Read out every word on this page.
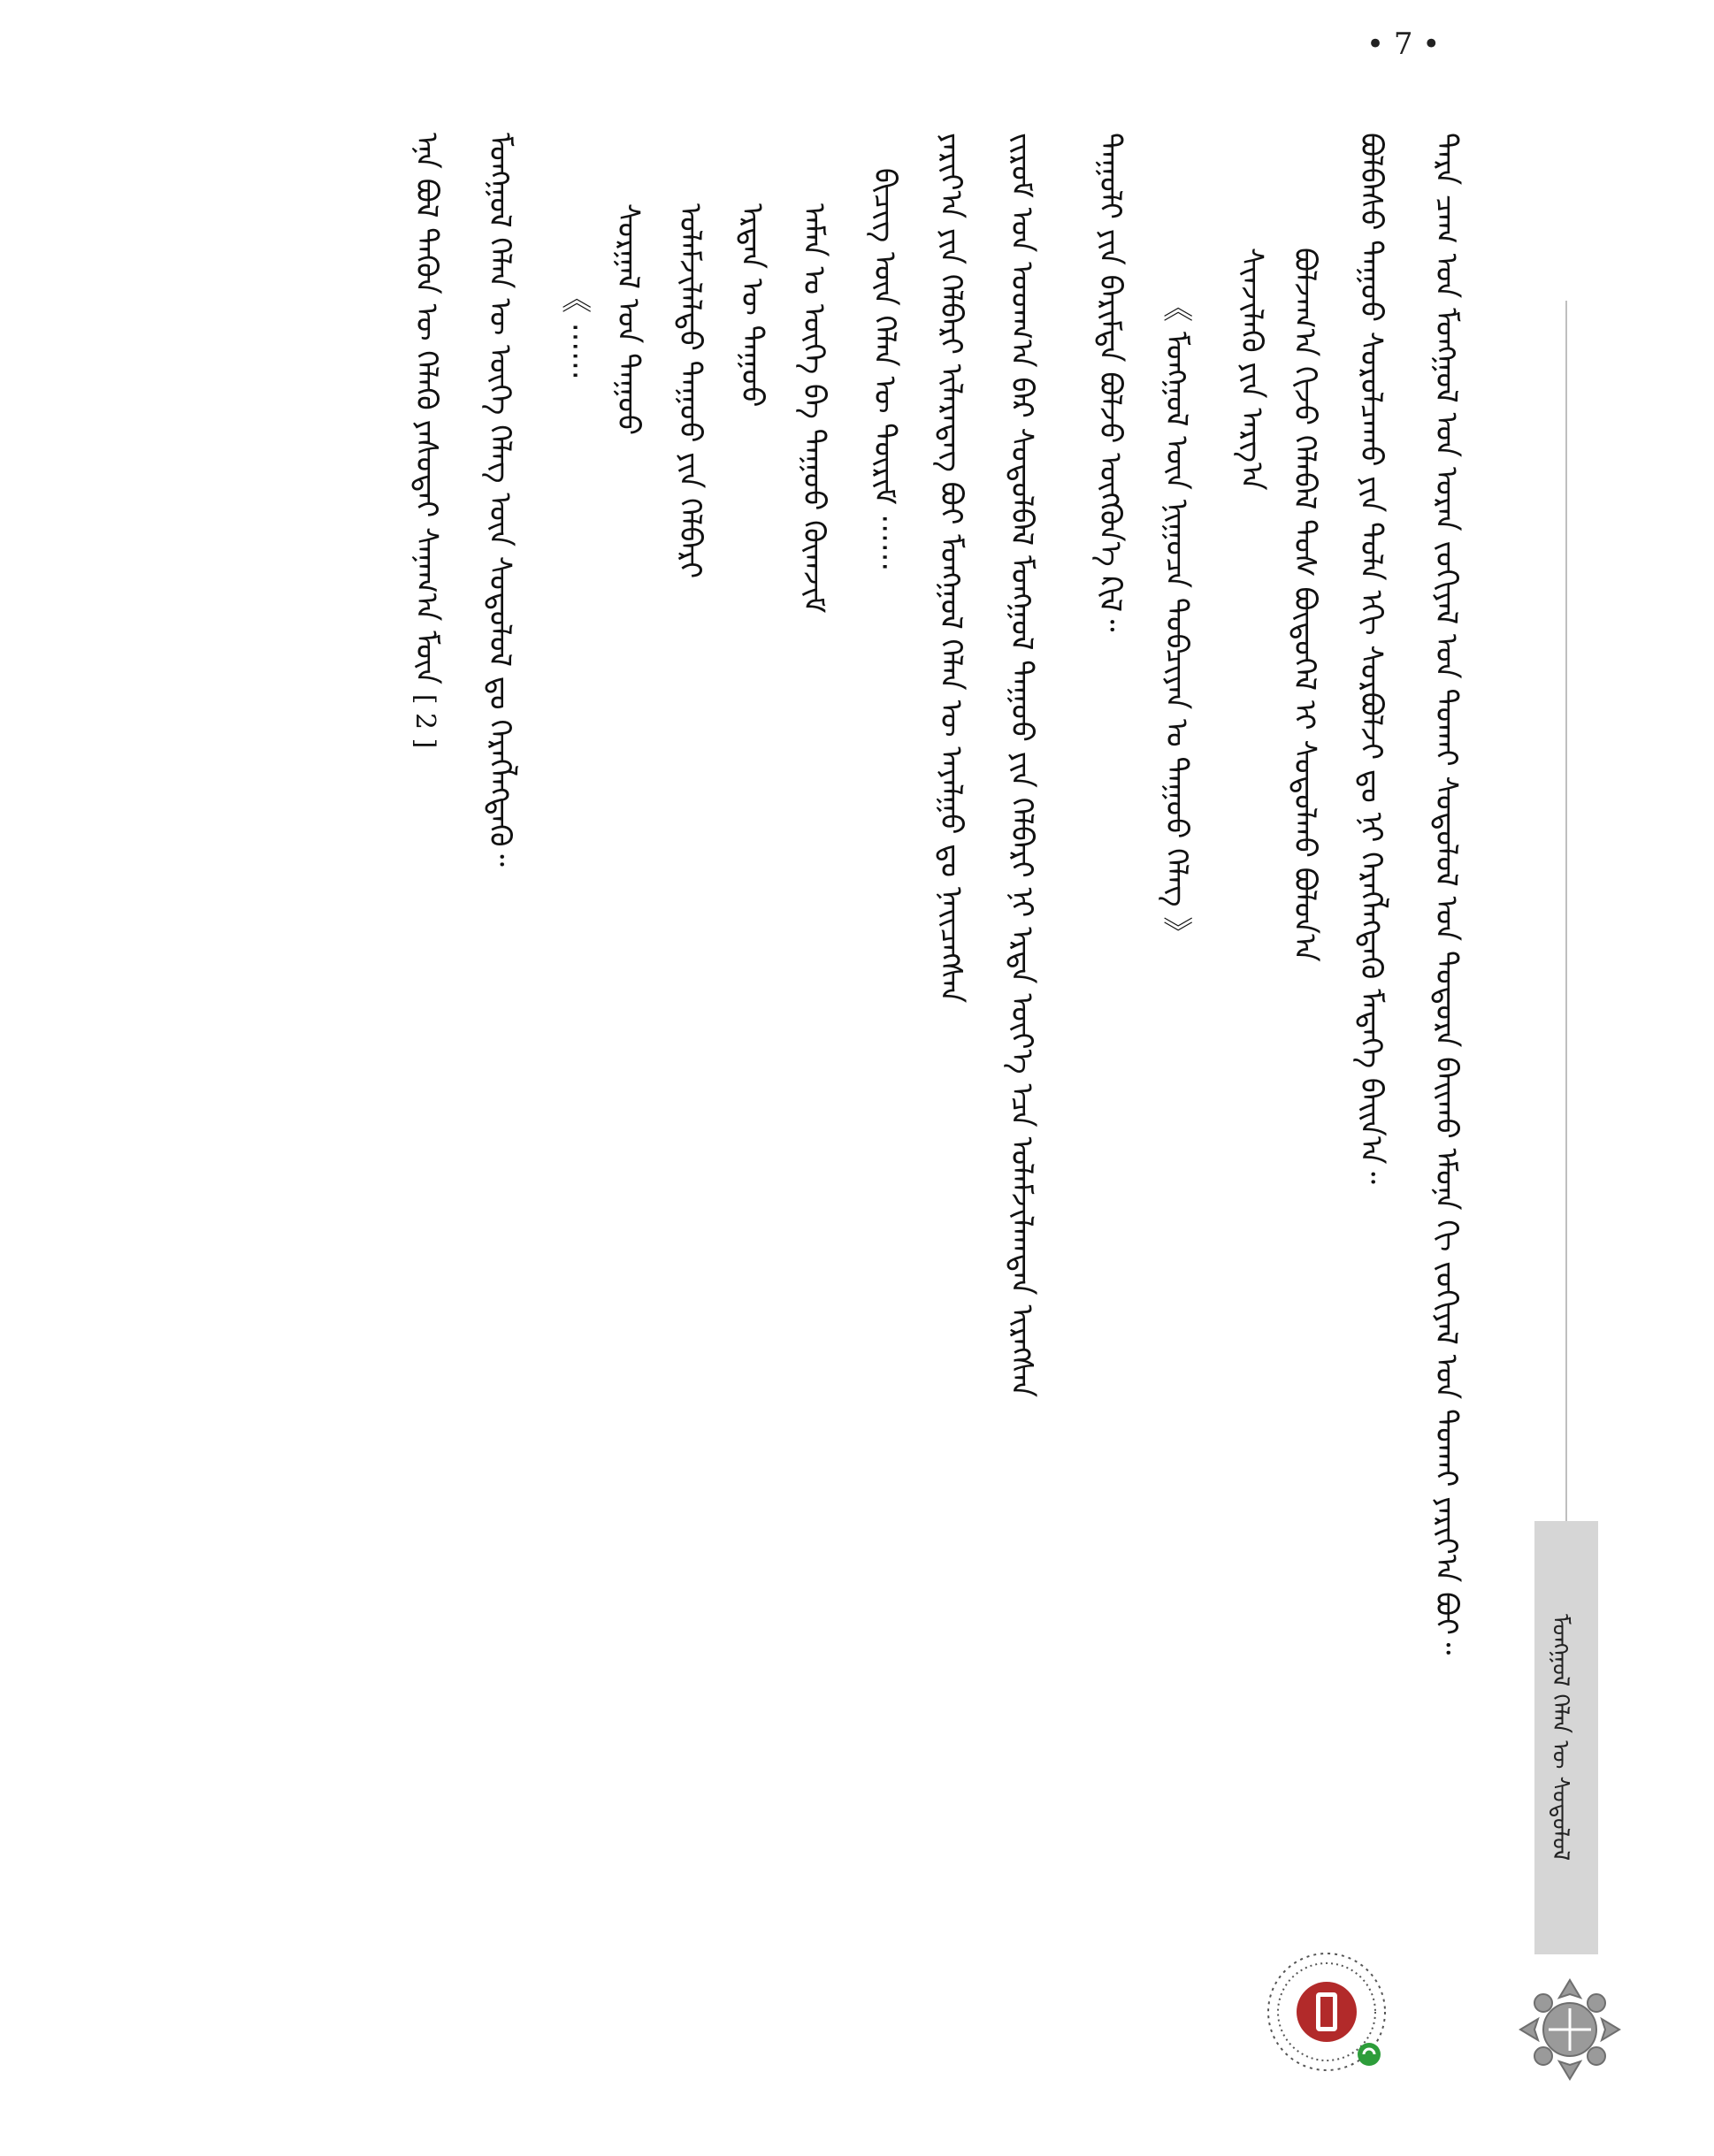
• 7 •
ᠮᠣᠩᠭᠣᠯ ᠬᠡᠯᠡᠨ ᠦ ᠰᠤᠳᠤᠯᠤᠯ
ᠲᠡᠷᠡ ᠴᠠᠭ ᠤᠨ ᠮᠣᠩᠭᠣᠯ ᠤᠨ ᠤᠷᠠᠨ ᠵᠣᠬᠢᠶᠠᠯ ᠤᠨ ᠲᠤᠬᠠᠢ ᠰᠤᠳᠤᠯᠤᠯ ᠤᠨ ᠳᠣᠲᠣᠷᠠ ᠪᠠᠢᠬᠤ ᠡᠮᠦᠨᠡ ᠬᠢ ᠵᠣᠬᠢᠶᠠᠯ ᠤᠨ ᠲᠤᠬᠠᠢ ᠶᠠᠷᠢᠶ᠎ᠠ ᠪᠤᠢ᠃
ᠪᠣᠯᠪᠠᠰᠤ ᠳᠠᠭᠤᠤ ᠰᠤᠷᠤᠯᠴᠠᠬᠤ ᠶᠢᠨ ᠲᠤᠯᠠ ᠡᠬᠢ ᠰᠤᠷᠪᠤᠯᠵᠢ ᠳᠤ ᠨᠢ ᠬᠡᠷᠡᠭᠯᠡᠭᠳᠡᠬᠦ ᠮᠡᠳᠡᠭᠡ ᠪᠠᠢᠨ᠎ᠠ᠃
ᠪᠣᠯᠵᠠᠭ᠎ᠠ ᠬᠢᠵᠦ ᠬᠡᠯᠡᠪᠡᠯ ᠲᠤᠰ ᠪᠦᠲᠦᠭᠡᠯ ᠢ ᠰᠤᠳᠤᠯᠬᠤ ᠪᠣᠯᠤᠨ᠎ᠠ
ᠰᠢᠨᠵᠢᠯᠡᠬᠦ ᠶᠢᠨ ᠠᠷᠭ᠎ᠠ
《 ᠮᠣᠩᠭᠣᠯ ᠦᠨ ᠨᠢᠭᠤᠴᠠ ᠲᠣᠪᠴᠢᠶᠠᠨ ᠤ ᠳᠠᠭᠤᠤ ᠬᠡᠯᠡᠭ᠌ 》
ᠲᠠᠭᠤᠯᠢ ᠶᠢᠨ ᠪᠠᠷᠢᠮᠲᠠ ᠪᠣᠯᠵᠤ ᠦᠭᠭᠦᠨ᠎ᠡ ᠺᠢᠯ᠃
ᠵᠢᠷᠤᠮ ᠤᠨ ᠤᠳᠬ᠎ᠠ ᠪᠡᠷ ᠰᠤᠳᠤᠯᠪᠠᠯ ᠮᠣᠩᠭᠣᠯ ᠳᠠᠭᠤᠤ ᠶᠢᠨ ᠬᠡᠯᠪᠡᠷᠢ ᠨᠢ ᠡᠷᠲᠡ ᠦᠶ᠎ᠡ ᠡᠴᠡ ᠤᠯᠠᠮᠵᠢᠯᠠᠭᠳᠠᠨ ᠢᠷᠡᠭᠰᠡᠨ
ᠶᠠᠷᠢᠶ᠎ᠠ ᠶᠢᠨ ᠬᠡᠯᠪᠡᠷᠢ ᠢᠯᠡᠷᠡᠳᠡᠭ ᠪᠤᠢ ᠮᠣᠩᠭᠣᠯ ᠬᠡᠯᠡᠨ ᠦ ᠠᠶᠠᠯᠭᠤ ᠳᠤ ᠨᠡᠢᠴᠡᠭᠰᠡᠨ
ᠪᠢᠴᠢᠭ᠌ ᠦᠨ ᠬᠡᠯᠡᠨ ᠦ ᠳᠦᠷᠢᠮ ······
ᠠᠮᠠᠨ ᠤ ᠦᠭᠡ ᠪᠠ ᠳᠠᠭᠤᠤ ᠬᠥᠭ᠍ᠵᠢᠮ
ᠡᠷᠲᠡᠨ ᠦ ᠳᠠᠭᠤᠤ
ᠤᠯᠠᠮᠵᠢᠯᠠᠯᠲᠤ ᠳᠠᠭᠤᠤ ᠶᠢᠨ ᠬᠡᠯᠪᠡᠷᠢ
ᠰᠤᠷᠭᠠᠯ ᠤᠨ ᠳᠠᠭᠤᠤ
《 ······
ᠮᠣᠩᠭᠣᠯ ᠬᠡᠯᠡᠨ ᠦ ᠦᠭᠡ ᠬᠡᠯᠡᠭ᠌ ᠦᠨ ᠰᠤᠳᠤᠯᠤᠯ ᠳᠤ ᠬᠡᠷᠡᠭᠯᠡᠭᠳᠡᠬᠦ᠃
ᠡᠨᠡ ᠪᠣᠯ ᠲᠡᠭᠦᠨ ᠦ ᠬᠡᠯᠡᠬᠦ ᠶᠠᠰᠤᠲᠠᠢ ᠰᠠᠨᠠᠭ᠎ᠠ ᠮᠥᠨ [ 2 ]
